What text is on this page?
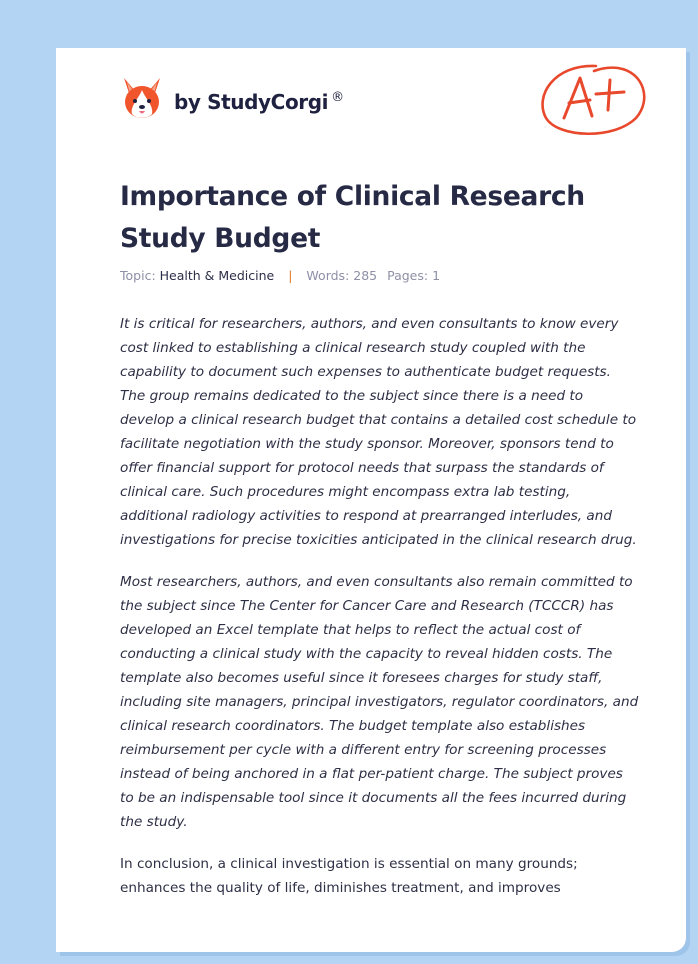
by StudyCorgi ®
Importance of Clinical Research Study Budget
Topic: Health & Medicine | Words: 285 Pages: 1

It is critical for researchers, authors, and even consultants to know every cost linked to establishing a clinical research study coupled with the capability to document such expenses to authenticate budget requests. The group remains dedicated to the subject since there is a need to develop a clinical research budget that contains a detailed cost schedule to facilitate negotiation with the study sponsor. Moreover, sponsors tend to offer financial support for protocol needs that surpass the standards of clinical care. Such procedures might encompass extra lab testing, additional radiology activities to respond at prearranged interludes, and investigations for precise toxicities anticipated in the clinical research drug.

Most researchers, authors, and even consultants also remain committed to the subject since The Center for Cancer Care and Research (TCCCR) has developed an Excel template that helps to reflect the actual cost of conducting a clinical study with the capacity to reveal hidden costs. The template also becomes useful since it foresees charges for study staff, including site managers, principal investigators, regulator coordinators, and clinical research coordinators. The budget template also establishes reimbursement per cycle with a different entry for screening processes instead of being anchored in a flat per-patient charge. The subject proves to be an indispensable tool since it documents all the fees incurred during the study.

In conclusion, a clinical investigation is essential on many grounds; enhances the quality of life, diminishes treatment, and improves
